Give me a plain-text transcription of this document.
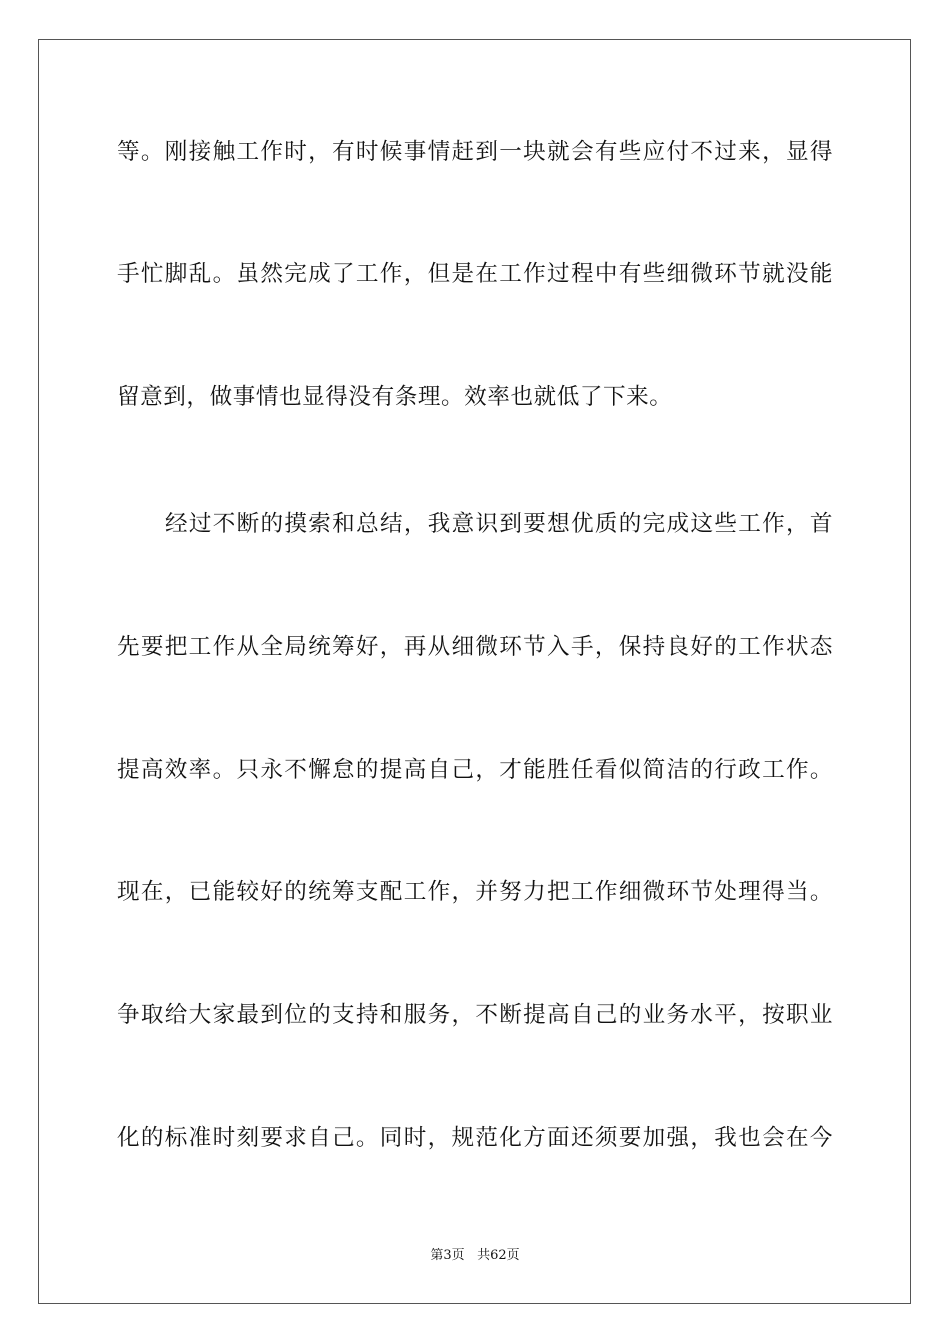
等。刚接触工作时，有时候事情赶到一块就会有些应付不过来，显得
手忙脚乱。虽然完成了工作，但是在工作过程中有些细微环节就没能
留意到，做事情也显得没有条理。效率也就低了下来。
经过不断的摸索和总结，我意识到要想优质的完成这些工作，首
先要把工作从全局统筹好，再从细微环节入手，保持良好的工作状态
提高效率。只永不懈怠的提高自己，才能胜任看似简洁的行政工作。
现在，已能较好的统筹支配工作，并努力把工作细微环节处理得当。
争取给大家最到位的支持和服务，不断提高自己的业务水平，按职业
化的标准时刻要求自己。同时，规范化方面还须要加强，我也会在今
第3页 共62页
